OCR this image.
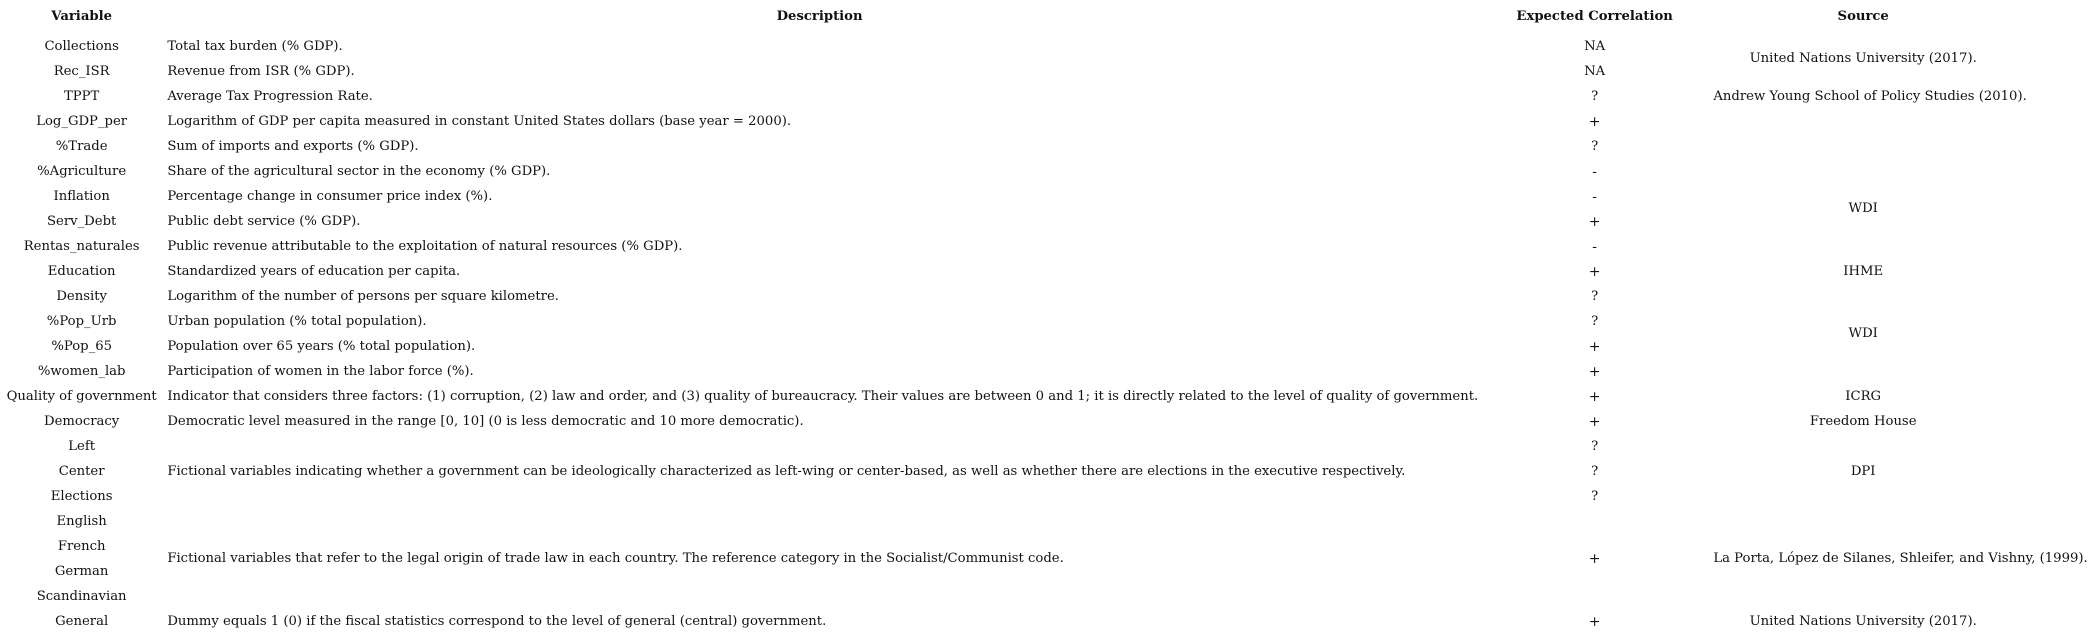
Variable	Description	Expected Correlation	Source
Collections	Total tax burden (% GDP).	NA	United Nations University (2017).
Rec_ISR	Revenue from ISR (% GDP).	NA	
TPPT	Average Tax Progression Rate.	?	Andrew Young School of Policy Studies (2010).
Log_GDP_per	Logarithm of GDP per capita measured in constant United States dollars (base year = 2000).	+	
%Trade	Sum of imports and exports (% GDP).	?	
%Agriculture	Share of the agricultural sector in the economy (% GDP).	-	WDI
Inflation	Percentage change in consumer price index (%).	-	
Serv_Debt	Public debt service (% GDP).	+	
Rentas_naturales	Public revenue attributable to the exploitation of natural resources (% GDP).	-	
Education	Standardized years of education per capita.	+	IHME
Density	Logarithm of the number of persons per square kilometre.	?	
%Pop_Urb	Urban population (% total population).	?	WDI
%Pop_65	Population over 65 years (% total population).	+	
%women_lab	Participation of women in the labor force (%).	+	
Quality of government	Indicator that considers three factors: (1) corruption, (2) law and order, and (3) quality of bureaucracy. Their values are between 0 and 1; it is directly related to the level of quality of government.	+	ICRG
Democracy	Democratic level measured in the range [0, 10] (0 is less democratic and 10 more democratic).	+	Freedom House
Left	Fictional variables indicating whether a government can be ideologically characterized as left-wing or center-based, as well as whether there are elections in the executive respectively.	?	DPI
Center		?	
Elections		?	
English	Fictional variables that refer to the legal origin of trade law in each country. The reference category in the Socialist/Communist code.	+	La Porta, López de Silanes, Shleifer, and Vishny, (1999).
French			
German			
Scandinavian			
General	Dummy equals 1 (0) if the fiscal statistics correspond to the level of general (central) government.	+	United Nations University (2017).
